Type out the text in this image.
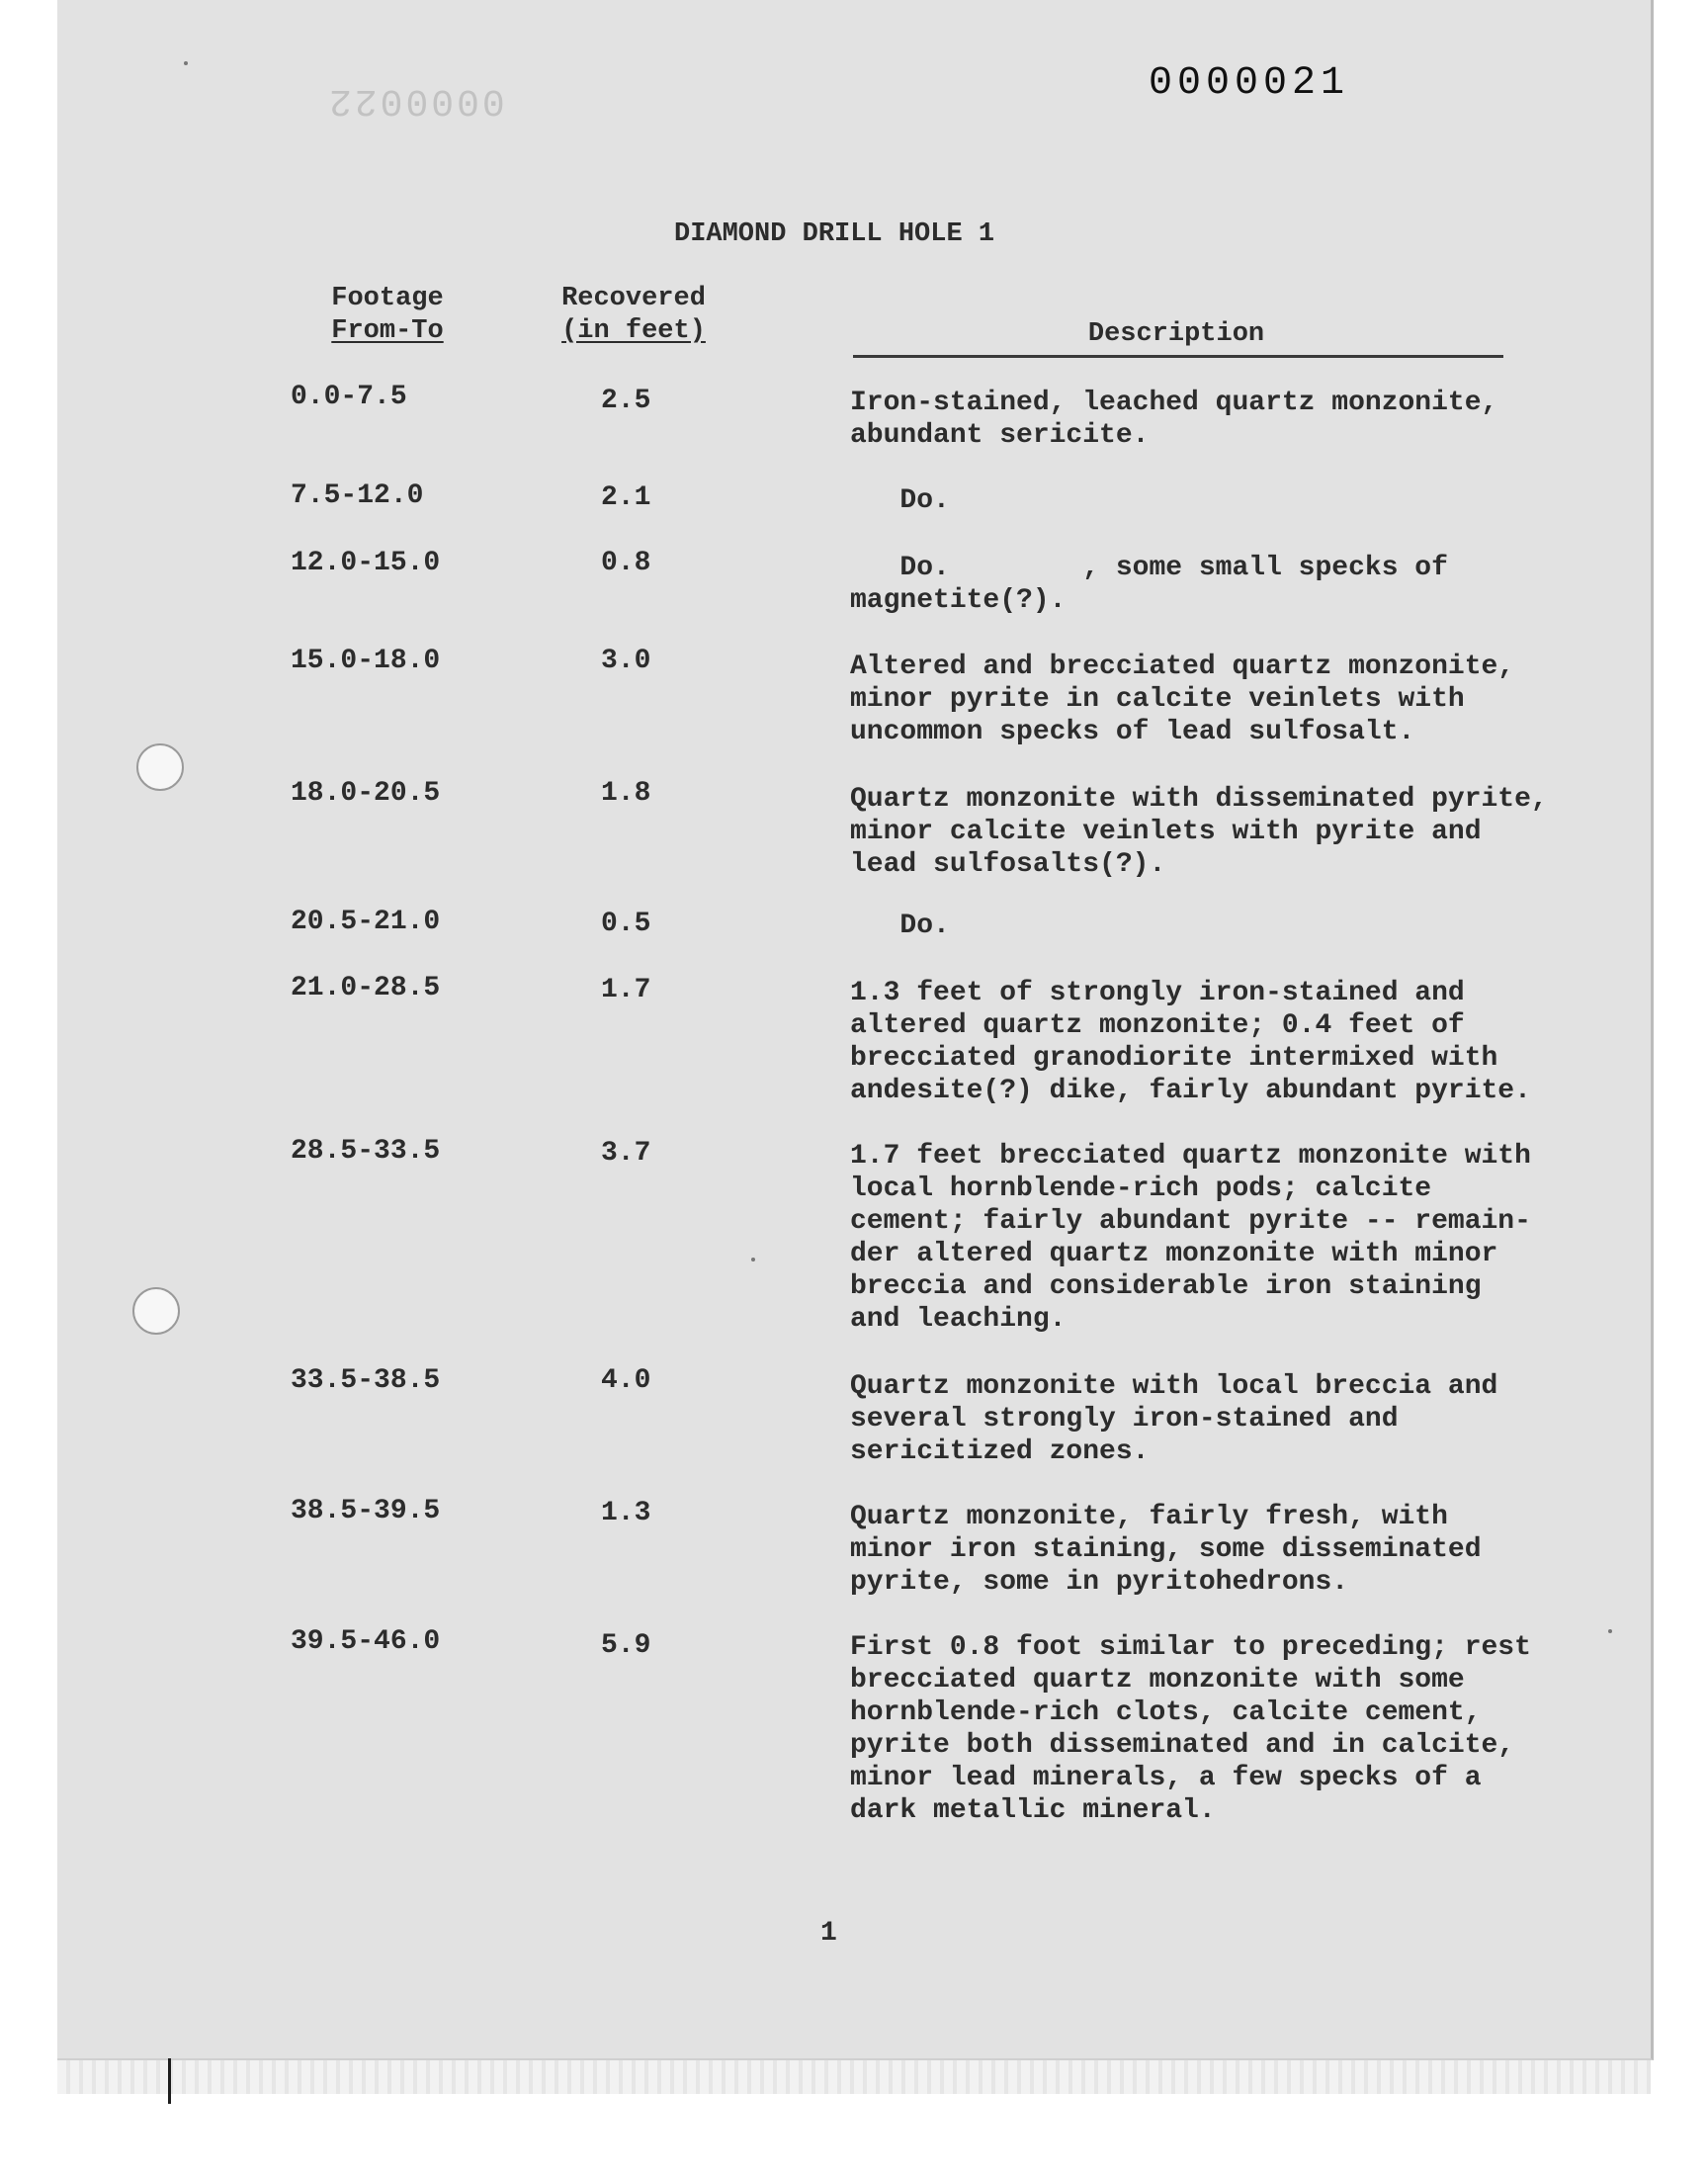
0000021
0000022
DIAMOND DRILL HOLE 1
Footage
From-To
Recovered
(in feet)	Description
0.0-7.5	2.5	Iron-stained, leached quartz monzonite,
abundant sericite.
7.5-12.0	2.1	Do.
12.0-15.0	0.8	Do.        , some small specks of
magnetite(?).
15.0-18.0	3.0	Altered and brecciated quartz monzonite,
minor pyrite in calcite veinlets with
uncommon specks of lead sulfosalt.
18.0-20.5	1.8	Quartz monzonite with disseminated pyrite,
minor calcite veinlets with pyrite and
lead sulfosalts(?).
20.5-21.0	0.5	Do.
21.0-28.5	1.7	1.3 feet of strongly iron-stained and
altered quartz monzonite; 0.4 feet of
brecciated granodiorite intermixed with
andesite(?) dike, fairly abundant pyrite.
28.5-33.5	3.7	1.7 feet brecciated quartz monzonite with
local hornblende-rich pods; calcite
cement; fairly abundant pyrite -- remain-
der altered quartz monzonite with minor
breccia and considerable iron staining
and leaching.
33.5-38.5	4.0	Quartz monzonite with local breccia and
several strongly iron-stained and
sericitized zones.
38.5-39.5	1.3	Quartz monzonite, fairly fresh, with
minor iron staining, some disseminated
pyrite, some in pyritohedrons.
39.5-46.0	5.9	First 0.8 foot similar to preceding; rest
brecciated quartz monzonite with some
hornblende-rich clots, calcite cement,
pyrite both disseminated and in calcite,
minor lead minerals, a few specks of a
dark metallic mineral.
1
